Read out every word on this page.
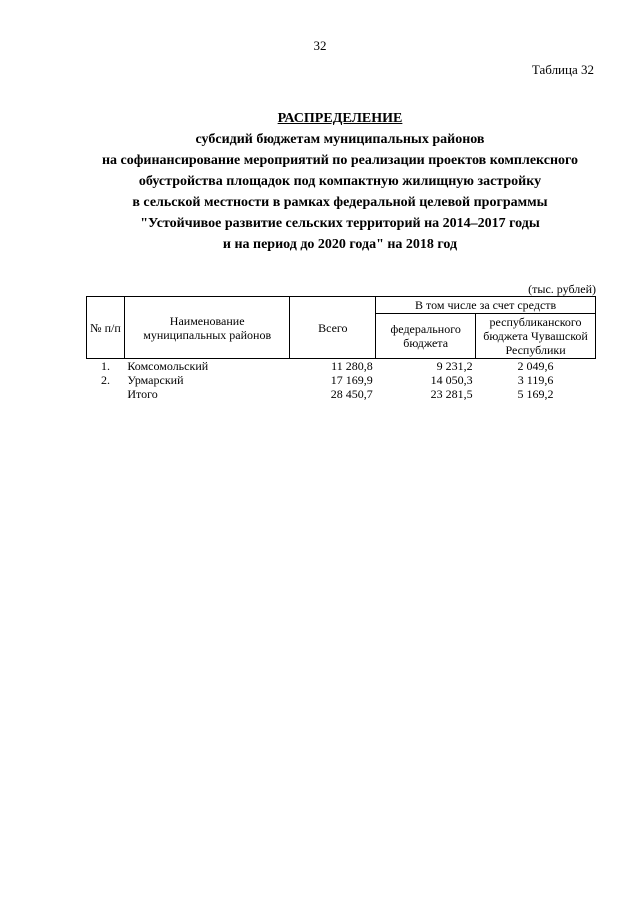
32
Таблица 32
РАСПРЕДЕЛЕНИЕ
субсидий бюджетам муниципальных районов
на софинансирование мероприятий по реализации проектов комплексного
обустройства площадок под компактную жилищную застройку
в сельской местности в рамках федеральной целевой программы
"Устойчивое развитие сельских территорий на 2014–2017 годы
и на период до 2020 года" на 2018 год
(тыс. рублей)
№ п/п	Наименование муниципальных районов	Всего	В том числе за счет средств	
			федерального бюджета	республиканского бюджета Чувашской Республики
1.	Комсомольский	11 280,8	9 231,2	2 049,6
2.	Урмарский	17 169,9	14 050,3	3 119,6
	Итого	28 450,7	23 281,5	5 169,2
